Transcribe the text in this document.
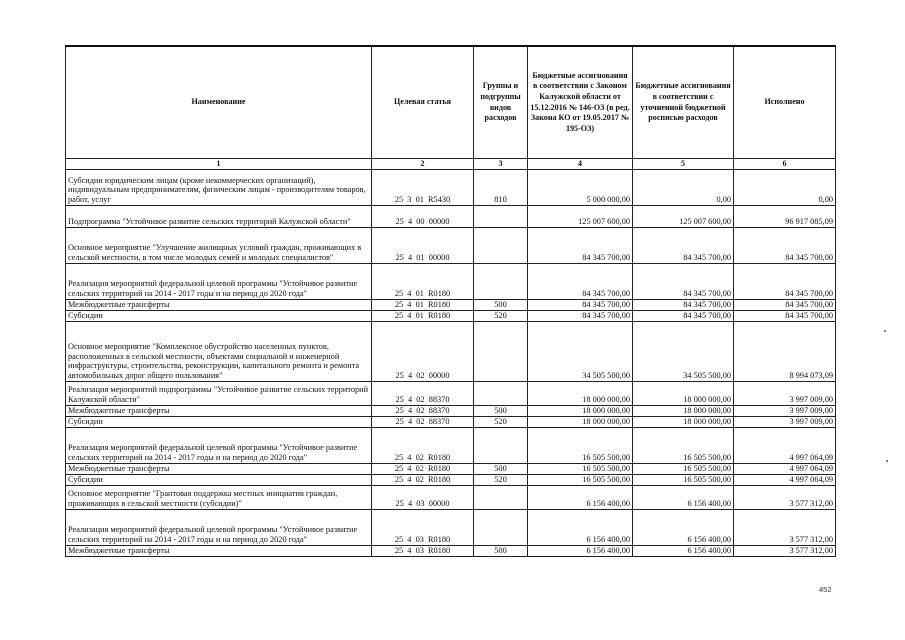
Наименование	Целевая статья	Группы и подгруппы видов расходов	Бюджетные ассигнования в соответствии с Законом Калужской области от 15.12.2016 № 146-ОЗ (в ред. Закона КО от 19.05.2017 № 195-ОЗ)	Бюджетные ассигнования в соответствии с уточненной бюджетной росписью расходов	Исполнено
1	2	3	4	5	6
Субсидии юридическим лицам (кроме некоммерческих организаций), индивидуальным предпринимателям, физическим лицам - производителям товаров, работ, услуг	25  3  01  R5430	810	5 000 000,00	0,00	0,00
Подпрограмма "Устойчивое развитие сельских территорий Калужской области"	25  4  00  00000		125 007 600,00	125 007 600,00	96 917 085,09
Основное мероприятие "Улучшение жилищных условий граждан, проживающих в сельской местности, в том числе молодых семей и молодых специалистов"	25  4  01  00000		84 345 700,00	84 345 700,00	84 345 700,00
Реализация мероприятий федеральной целевой программы "Устойчивое развитие сельских территорий на 2014 - 2017 годы и на период до 2020 года"	25  4  01  R0180		84 345 700,00	84 345 700,00	84 345 700,00
Межбюджетные трансферты	25  4  01  R0180	500	84 345 700,00	84 345 700,00	84 345 700,00
Субсидии	25  4  01  R0180	520	84 345 700,00	84 345 700,00	84 345 700,00
Основное мероприятие "Комплексное обустройство населенных пунктов, расположенных в сельской местности, объектами социальной и инженерной инфраструктуры, строительства, реконструкции, капитального ремонта и ремонта автомобильных дорог общего пользования"	25  4  02  00000		34 505 500,00	34 505 500,00	8 994 073,09
Реализация мероприятий подпрограммы "Устойчивое развитие сельских территорий Калужской области"	25  4  02  88370		18 000 000,00	18 000 000,00	3 997 009,00
Межбюджетные трансферты	25  4  02  88370	500	18 000 000,00	18 000 000,00	3 997 009,00
Субсидии	25  4  02  88370	520	18 000 000,00	18 000 000,00	3 997 009,00
Реализация мероприятий федеральной целевой программы "Устойчивое развитие сельских территорий на 2014 - 2017 годы и на период до 2020 года"	25  4  02  R0180		16 505 500,00	16 505 500,00	4 997 064,09
Межбюджетные трансферты	25  4  02  R0180	500	16 505 500,00	16 505 500,00	4 997 064,09
Субсидии	25  4  02  R0180	520	16 505 500,00	16 505 500,00	4 997 064,09
Основное мероприятие "Грантовая поддержка местных инициатив граждан, проживающих в сельской местности (субсидии)"	25  4  03  00000		6 156 400,00	6 156 400,00	3 577 312,00
Реализация мероприятий федеральной целевой программы "Устойчивое развитие сельских территорий на 2014 - 2017 годы и на период до 2020 года"	25  4  03  R0180		6 156 400,00	6 156 400,00	3 577 312,00
Межбюджетные трансферты	25  4  03  R0180	500	6 156 400,00	6 156 400,00	3 577 312,00
452
